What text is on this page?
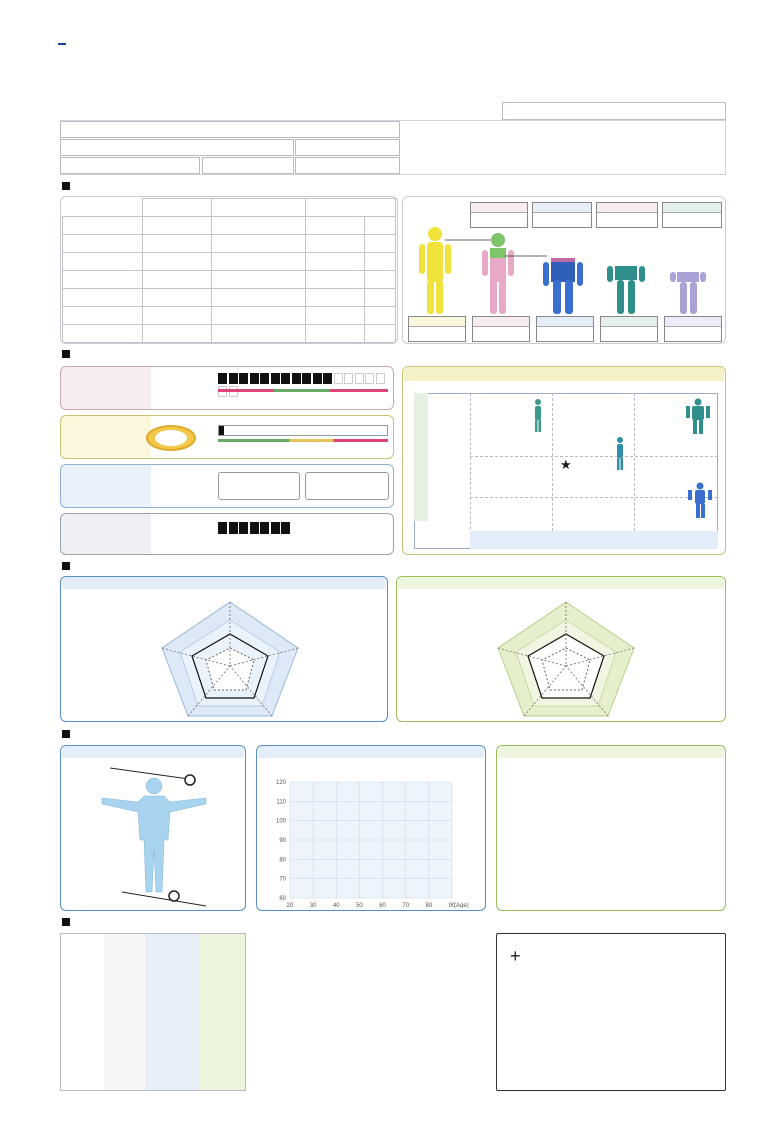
★
20	30	40	50	60	70	80	90
60
70
80
90
100
110
120
(Age)
+
